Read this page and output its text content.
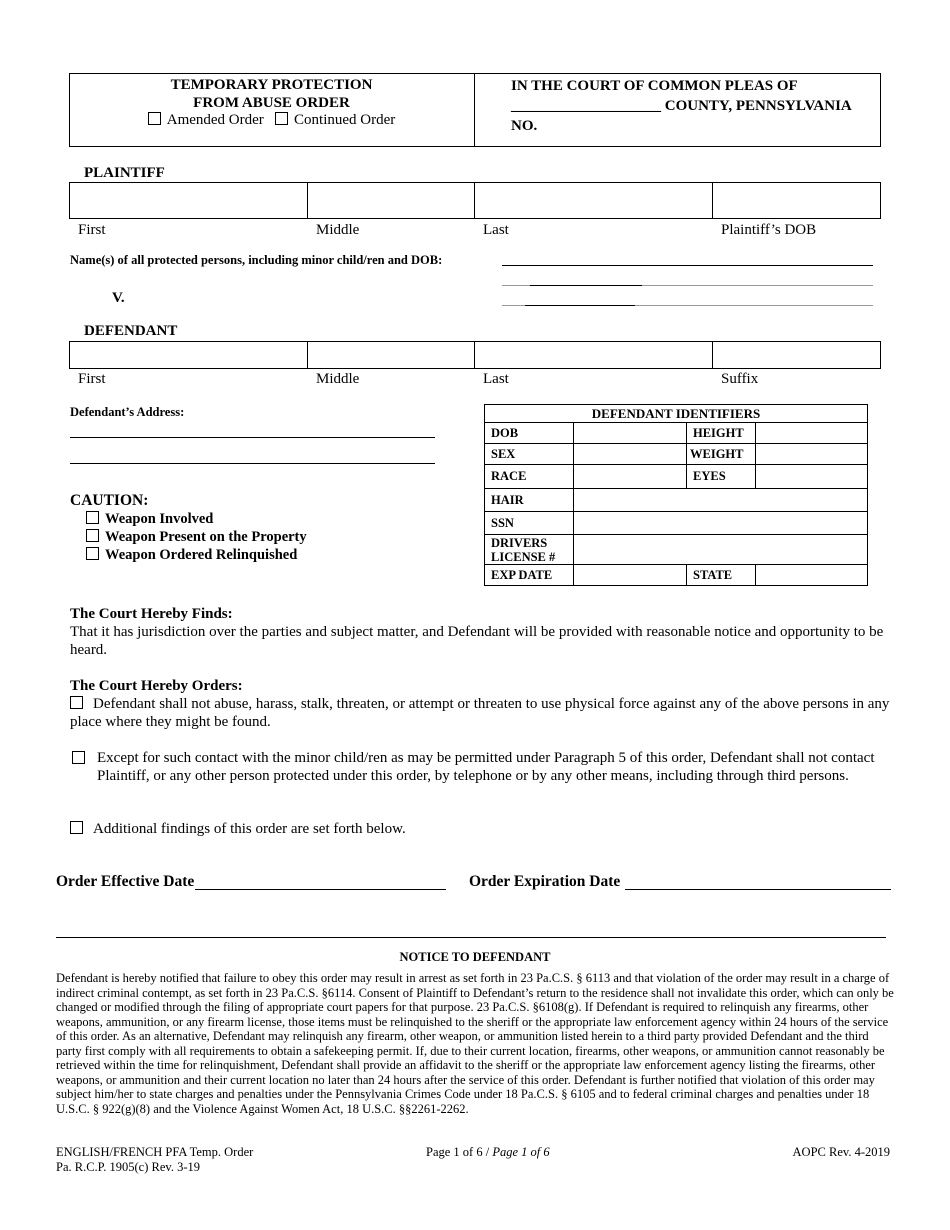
TEMPORARY PROTECTION
FROM ABUSE ORDER
Amended Order Continued Order
IN THE COURT OF COMMON PLEAS OF
____________________ COUNTY, PENNSYLVANIA
NO.
PLAINTIFF
First	Middle	Last	Plaintiff’s DOB
Name(s) of all protected persons, including minor child/ren and DOB:
V.
DEFENDANT
First	Middle	Last	Suffix
Defendant’s Address:	DEFENDANT IDENTIFIERS			
DOB		HEIGHT	
SEX		WEIGHT	
RACE		EYES	
HAIR			
SSN			

DRIVERS
LICENSE #			

EXP DATE		STATE	
CAUTION:
Weapon Involved
Weapon Present on the Property
Weapon Ordered Relinquished
The Court Hereby Finds:
That it has jurisdiction over the parties and subject matter, and Defendant will be provided with reasonable notice and opportunity to be heard.
The Court Hereby Orders:
Defendant shall not abuse, harass, stalk, threaten, or attempt or threaten to use physical force against any of the above persons in any place where they might be found.
Except for such contact with the minor child/ren as may be permitted under Paragraph 5 of this order, Defendant shall not contact Plaintiff, or any other person protected under this order, by telephone or by any other means, including through third persons.
Additional findings of this order are set forth below.
Order Effective Date	Order Expiration Date
NOTICE TO DEFENDANT
Defendant is hereby notified that failure to obey this order may result in arrest as set forth in 23 Pa.C.S. § 6113 and that violation of the order may result in a charge of indirect criminal contempt, as set forth in 23 Pa.C.S. §6114. Consent of Plaintiff to Defendant’s return to the residence shall not invalidate this order, which can only be changed or modified through the filing of appropriate court papers for that purpose. 23 Pa.C.S. §6108(g). If Defendant is required to relinquish any firearms, other weapons, ammunition, or any firearm license, those items must be relinquished to the sheriff or the appropriate law enforcement agency within 24 hours of the service of this order. As an alternative, Defendant may relinquish any firearm, other weapon, or ammunition listed herein to a third party provided Defendant and the third party first comply with all requirements to obtain a safekeeping permit. If, due to their current location, firearms, other weapons, or ammunition cannot reasonably be retrieved within the time for relinquishment, Defendant shall provide an affidavit to the sheriff or the appropriate law enforcement agency listing the firearms, other weapons, or ammunition and their current location no later than 24 hours after the service of this order. Defendant is further notified that violation of this order may subject him/her to state charges and penalties under the Pennsylvania Crimes Code under 18 Pa.C.S. § 6105 and to federal criminal charges and penalties under 18 U.S.C. § 922(g)(8) and the Violence Against Women Act, 18 U.S.C. §§2261-2262.
ENGLISH/FRENCH PFA Temp. Order
Pa. R.C.P. 1905(c) Rev. 3-19
Page 1 of 6 / Page 1 of 6	AOPC Rev. 4-2019
